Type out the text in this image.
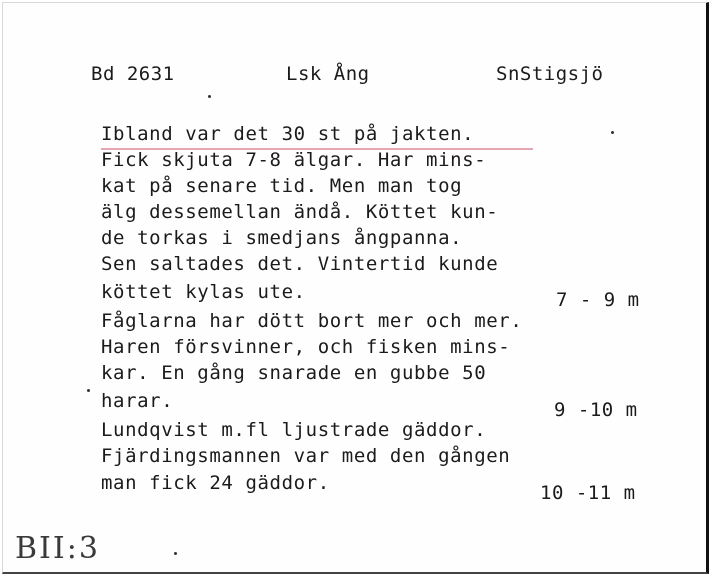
Bd 2631	Lsk Ång	SnStigsjö
Ibland var det 30 st på jakten.
Fick skjuta 7-8 älgar. Har mins-
kat på senare tid. Men man tog
älg dessemellan ändå. Köttet kun-
de torkas i smedjans ångpanna.
Sen saltades det. Vintertid kunde
köttet kylas ute.	7 - 9 m
Fåglarna har dött bort mer och mer.
Haren försvinner, och fisken mins-
kar. En gång snarade en gubbe 50
harar.	9 -10 m
Lundqvist m.fl ljustrade gäddor.
Fjärdingsmannen var med den gången
man fick 24 gäddor.	10 -11 m
BII:3
